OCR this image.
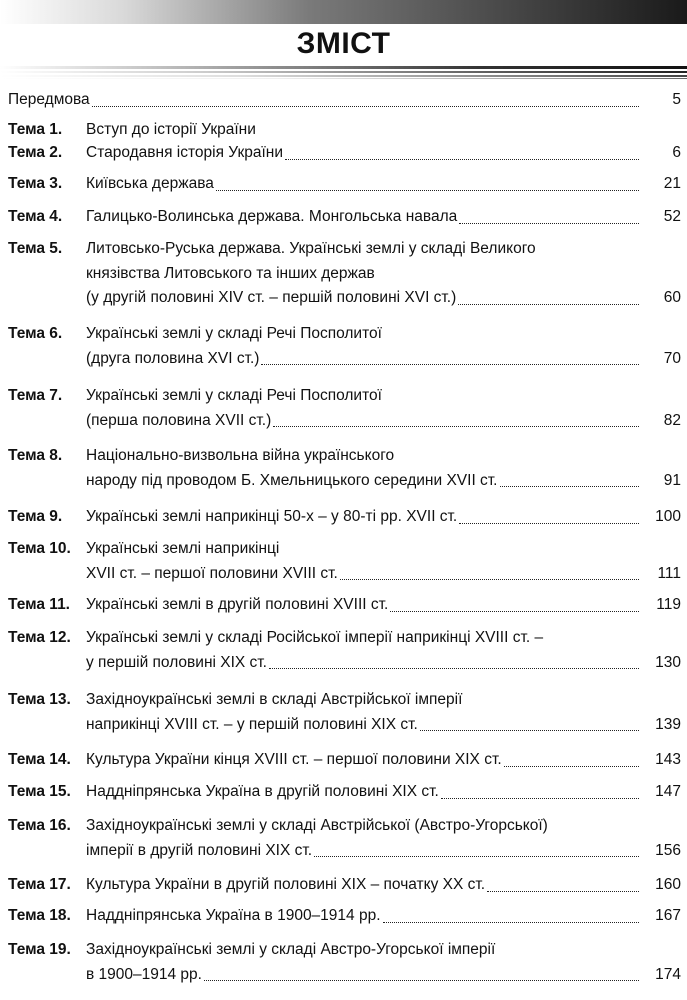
ЗМІСТ
Передмова	5
Тема 1.	Вступ до історії України
Тема 2.	Стародавня історія України	6
Тема 3.	Київська держава	21
Тема 4.	Галицько-Волинська держава. Монгольська навала	52
Тема 5.	Литовсько-Руська держава. Українські землі у складі Великого
князівства Литовського та інших держав
(у другій половині XIV ст. – першій половині XVI ст.)	60
Тема 6.	Українські землі у складі Речі Посполитої
(друга половина XVI ст.)	70
Тема 7.	Українські землі у складі Речі Посполитої
(перша половина XVII ст.)	82
Тема 8.	Національно-визвольна війна українського
народу під проводом Б. Хмельницького середини XVII ст.	91
Тема 9.	Українські землі наприкінці 50-х – у 80-ті рр. XVII ст.	100
Тема 10. Українські землі наприкінці
XVII ст. – першої половини XVIII ст.	111
Тема 11.	Українські землі в другій половині XVIII ст.	119
Тема 12. Українські землі у складі Російської імперії наприкінці XVIII ст. –
у першій половині XIX ст.	130
Тема 13. Західноукраїнські землі в складі Австрійської імперії
наприкінці XVIII ст. – у першій половині XIX ст.	139
Тема 14. Культура України кінця XVIII ст. – першої половини XIX ст.	143
Тема 15. Наддніпрянська Україна в другій половині XIX ст.	147
Тема 16. Західноукраїнські землі у складі Австрійської (Австро-Угорської)
імперії в другій половині XIX ст.	156
Тема 17. Культура України в другій половині XIX – початку XX ст.	160
Тема 18. Наддніпрянська Україна в 1900–1914 рр.	167
Тема 19. Західноукраїнські землі у складі Австро-Угорської імперії
в 1900–1914 рр.	174
